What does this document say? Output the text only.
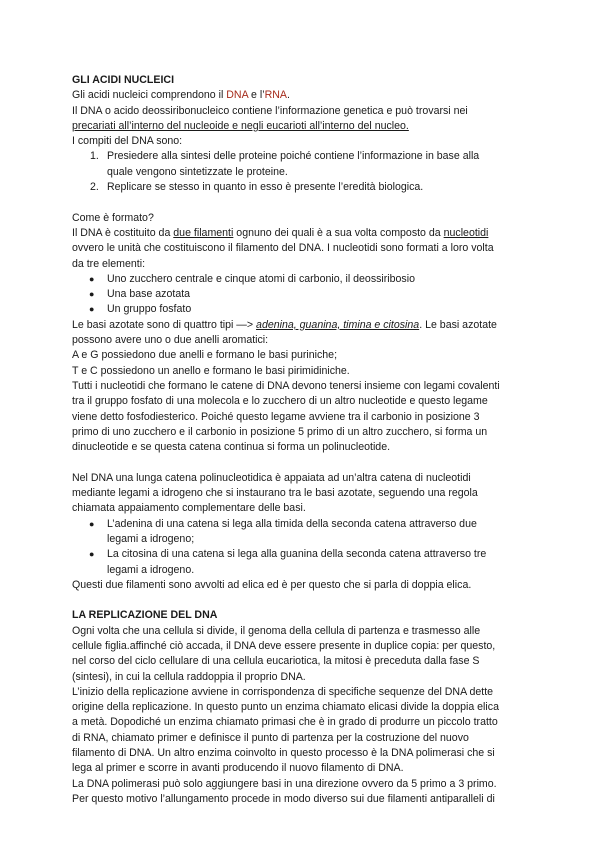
GLI ACIDI NUCLEICI
Gli acidi nucleici comprendono il DNA e l’RNA.
Il DNA o acido deossiribonucleico contiene l’informazione genetica e può trovarsi nei
precariati all’interno del nucleoide e negli eucarioti all’interno del nucleo.
I compiti del DNA sono:
1. Presiedere alla sintesi delle proteine poiché contiene l’informazione in base alla
quale vengono sintetizzate le proteine.
2. Replicare se stesso in quanto in esso è presente l’eredità biologica.
Come è formato?
Il DNA è costituito da due filamenti ognuno dei quali è a sua volta composto da nucleotidi
ovvero le unità che costituiscono il filamento del DNA. I nucleotidi sono formati a loro volta
da tre elementi:
● Uno zucchero centrale e cinque atomi di carbonio, il deossiribosio
● Una base azotata
● Un gruppo fosfato
Le basi azotate sono di quattro tipi —> adenina, guanina, timina e citosina. Le basi azotate
possono avere uno o due anelli aromatici:
A e G possiedono due anelli e formano le basi puriniche;
T e C possiedono un anello e formano le basi pirimidiniche.
Tutti i nucleotidi che formano le catene di DNA devono tenersi insieme con legami covalenti
tra il gruppo fosfato di una molecola e lo zucchero di un altro nucleotide e questo legame
viene detto fosfodiesterico. Poiché questo legame avviene tra il carbonio in posizione 3
primo di uno zucchero e il carbonio in posizione 5 primo di un altro zucchero, si forma un
dinucleotide e se questa catena continua si forma un polinucleotide.
Nel DNA una lunga catena polinucleotidica è appaiata ad un’altra catena di nucleotidi
mediante legami a idrogeno che si instaurano tra le basi azotate, seguendo una regola
chiamata appaiamento complementare delle basi.
● L’adenina di una catena si lega alla timida della seconda catena attraverso due
legami a idrogeno;
● La citosina di una catena si lega alla guanina della seconda catena attraverso tre
legami a idrogeno.
Questi due filamenti sono avvolti ad elica ed è per questo che si parla di doppia elica.
LA REPLICAZIONE DEL DNA
Ogni volta che una cellula si divide, il genoma della cellula di partenza e trasmesso alle
cellule figlia.affinché ciò accada, il DNA deve essere presente in duplice copia: per questo,
nel corso del ciclo cellulare di una cellula eucariotica, la mitosi è preceduta dalla fase S
(sintesi), in cui la cellula raddoppia il proprio DNA.
L’inizio della replicazione avviene in corrispondenza di specifiche sequenze del DNA dette
origine della replicazione. In questo punto un enzima chiamato elicasi divide la doppia elica
a metà. Dopodiché un enzima chiamato primasi che è in grado di produrre un piccolo tratto
di RNA, chiamato primer e definisce il punto di partenza per la costruzione del nuovo
filamento di DNA. Un altro enzima coinvolto in questo processo è la DNA polimerasi che si
lega al primer e scorre in avanti producendo il nuovo filamento di DNA.
La DNA polimerasi può solo aggiungere basi in una direzione ovvero da 5 primo a 3 primo.
Per questo motivo l’allungamento procede in modo diverso sui due filamenti antiparalleli di
